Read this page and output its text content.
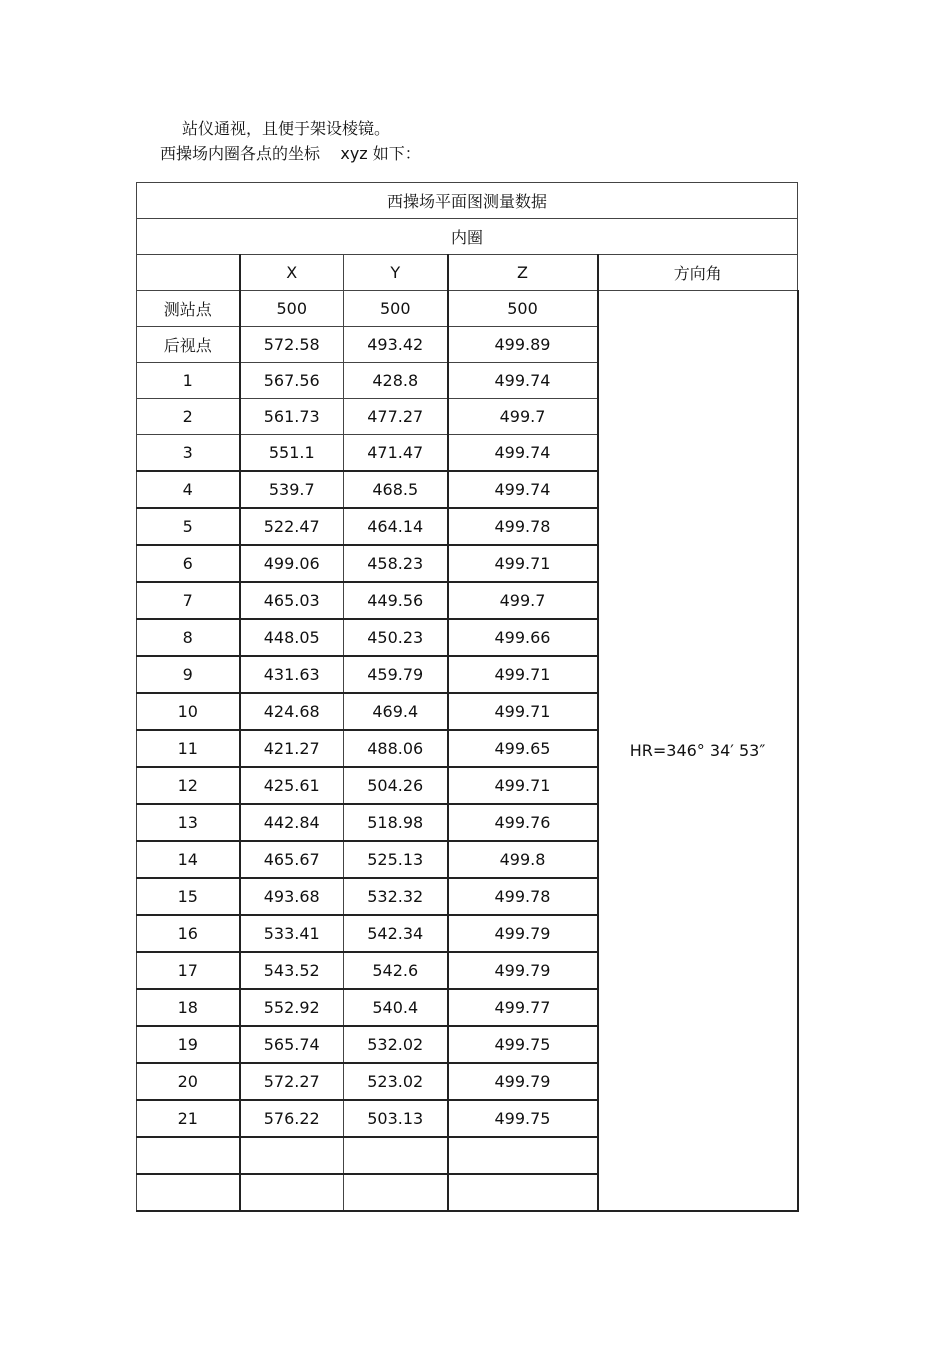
站仪通视，且便于架设棱镜。
西操场内圈各点的坐标    xyz 如下：
西操场平面图测量数据				
内圈				
	X	Y	Z	方向角
测站点	500	500	500	HR=346° 34′ 53″
后视点	572.58	493.42	499.89	
1	567.56	428.8	499.74	
2	561.73	477.27	499.7	
3	551.1	471.47	499.74	
4	539.7	468.5	499.74	
5	522.47	464.14	499.78	
6	499.06	458.23	499.71	
7	465.03	449.56	499.7	
8	448.05	450.23	499.66	
9	431.63	459.79	499.71	
10	424.68	469.4	499.71	
11	421.27	488.06	499.65	
12	425.61	504.26	499.71	
13	442.84	518.98	499.76	
14	465.67	525.13	499.8	
15	493.68	532.32	499.78	
16	533.41	542.34	499.79	
17	543.52	542.6	499.79	
18	552.92	540.4	499.77	
19	565.74	532.02	499.75	
20	572.27	523.02	499.79	
21	576.22	503.13	499.75	
